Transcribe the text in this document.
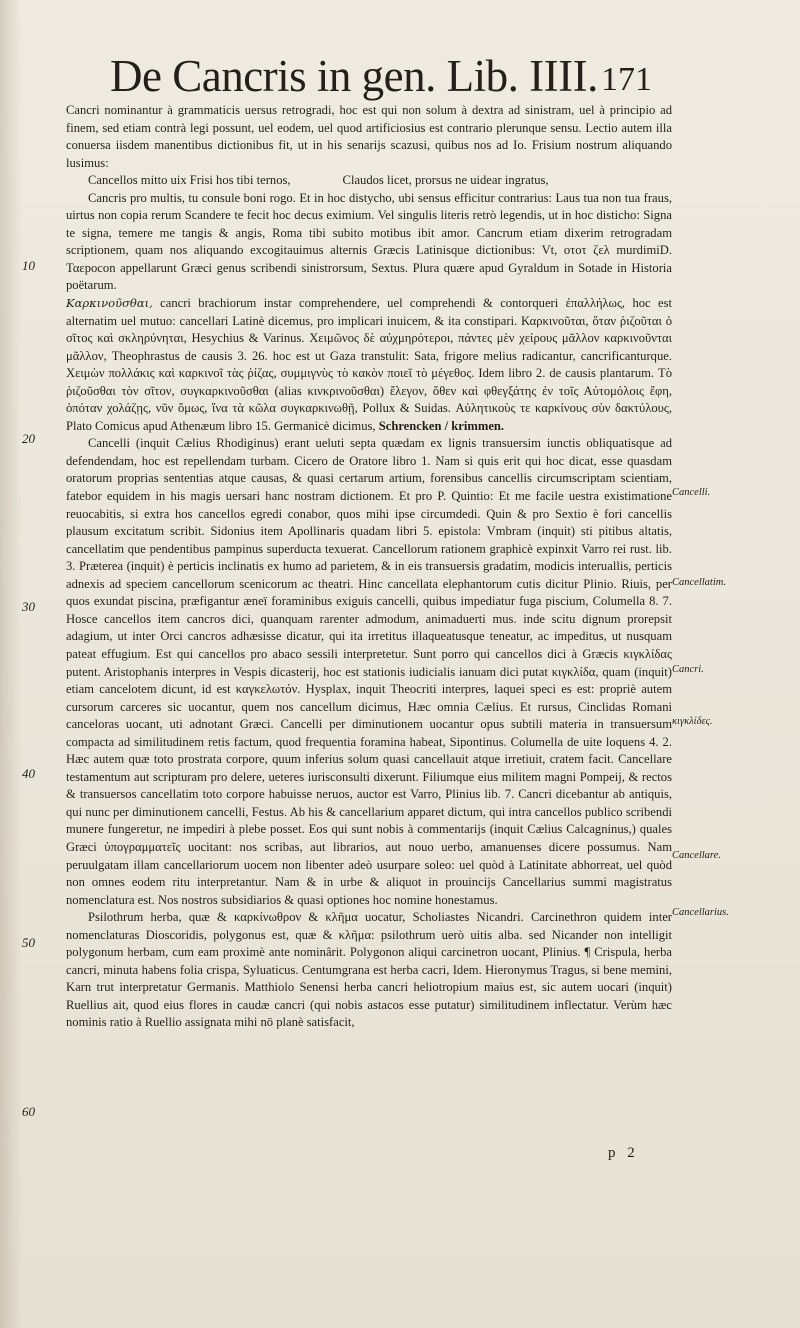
De Cancris in gen. Lib. IIII. 171

Cancri nominantur à grammaticis uersus retrogradi, hoc est qui non solum à dextra ad sinistram, uel à principio ad finem, sed etiam contrà legi possunt, uel eodem, uel quod artificiosius est contrario plerunque sensu. Lectio autem illa conuersa iisdem manentibus dictionibus fit, ut in his senarijs scazusi, quibus nos ad Io. Frisium nostrum aliquando lusimus:

Cancellos mitto uix Frisi hos tibi ternos,	Claudos licet, prorsus ne uidear ingratus,

Cancris pro multis, tu consule boni rogo. Et in hoc distycho, ubi sensus efficitur contrarius: Laus tua non tua fraus, uirtus non copia rerum Scandere te fecit hoc decus eximium. Vel singulis literis retrò legendis, ut in hoc disticho: Signa te signa, temere me tangis & angis, Roma tibi subito motibus ibit amor. Cancrum etiam dixerim retrogradam scriptionem, quam nos aliquando excogitauimus alternis Græcis Latinisque dictionibus: Vt, οτοτ ζελ murdimiD. Ταεpocon appellarunt Græci genus scribendi sinistrorsum, Sextus. Plura quære apud Gyraldum in Sotade in Historia poëtarum.

Καρκινοῦσθαι, cancri brachiorum instar comprehendere, uel comprehendi & contorqueri ἐπαλλήλως, hoc est alternatim uel mutuo: cancellari Latinè dicemus, pro implicari inuicem, & ita constipari. Καρκινοῦται, ὅταν ῥιζοῦται ὁ σῖτος καὶ σκληρύνηται, Hesychius & Varinus. Χειμῶνος δὲ αὐχμηρότεροι, πάντες μὲν χείρους μᾶλλον καρκινοῦνται μᾶλλον, Theophrastus de causis 3. 26. hoc est ut Gaza transtulit: Sata, frigore melius radicantur, cancrificanturque. Χειμὼν πολλάκις καὶ καρκινοῖ τὰς ῥίζας, συμμιγνὺς τὸ κακὸν ποιεῖ τὸ μέγεθος. Idem libro 2. de causis plantarum. Τὸ ῥιζοῦσθαι τὸν σῖτον, συγκαρκινοῦσθαι (alias κινκρινοῦσθαι) ἔλεγον, ὅθεν καὶ φθεγξάτης ἐν τοῖς Αὐτομόλοις ἔφη, ὁπόταν χολάζῃς, νῦν ὅμως, ἵνα τὰ κῶλα συγκαρκινωθῇ, Pollux & Suidas. Αὐλητικοὺς τε καρκίνους σὺν δακτύλους, Plato Comicus apud Athenæum libro 15. Germanicè dicimus, Schrencken / krimmen.

Cancelli (inquit Cælius Rhodiginus) erant ueluti septa quædam ex lignis transuersim iunctis obliquatisque ad defendendam, hoc est repellendam turbam. Cicero de Oratore libro 1. Nam si quis erit qui hoc dicat, esse quasdam oratorum proprias sententias atque causas, & quasi certarum artium, forensibus cancellis circumscriptam scientiam, fatebor equidem in his magis uersari hanc nostram dictionem. Et pro P. Quintio: Et me facile uestra existimatione reuocabitis, si extra hos cancellos egredi conabor, quos mihi ipse circumdedi. Quin & pro Sextio è fori cancellis plausum excitatum scribit. Sidonius item Apollinaris quadam libri 5. epistola: Vmbram (inquit) sti pitibus altatis, cancellatim que pendentibus pampinus superducta texuerat. Cancellorum rationem graphicè expinxit Varro rei rust. lib. 3. Præterea (inquit) è perticis inclinatis ex humo ad parietem, & in eis transuersis gradatim, modicis interuallis, perticis adnexis ad speciem cancellorum scenicorum ac theatri. Hinc cancellata elephantorum cutis dicitur Plinio. Riuis, per quos exundat piscina, præfigantur æneï foraminibus exiguis cancelli, quibus impediatur fuga piscium, Columella 8. 7. Hosce cancellos item cancros dici, quanquam rarenter admodum, animaduerti mus. inde scitu dignum prorepsit adagium, ut inter Orci cancros adhæsisse dicatur, qui ita irretitus illaqueatusque teneatur, ac impeditus, ut nusquam pateat effugium. Est qui cancellos pro abaco sessili interpretetur. Sunt porro qui cancellos dici à Græcis κιγκλίδας putent. Aristophanis interpres in Vespis dicasterij, hoc est stationis iudicialis ianuam dici putat κιγκλίδα, quam (inquit) etiam cancelotem dicunt, id est καγκελωτόν. Hysplax, inquit Theocriti interpres, laquei speci es est: propriè autem cursorum carceres sic uocantur, quem nos cancellum dicimus, Hæc omnia Cælius. Et rursus, Cinclidas Romani canceloras uocant, uti adnotant Græci. Cancelli per diminutionem uocantur opus subtili materia in transuersum compacta ad similitudinem retis factum, quod frequentia foramina habeat, Sipontinus. Columella de uite loquens 4. 2. Hæc autem quæ toto prostrata corpore, quum inferius solum quasi cancellauit atque irretiuit, cratem facit. Cancellare testamentum aut scripturam pro delere, ueteres iurisconsulti dixerunt. Filiumque eius militem magni Pompeij, & rectos & transuersos cancellatim toto corpore habuisse neruos, auctor est Varro, Plinius lib. 7. Cancri dicebantur ab antiquis, qui nunc per diminutionem cancelli, Festus. Ab his & cancellarium apparet dictum, qui intra cancellos publico scribendi munere fungeretur, ne impediri à plebe posset. Eos qui sunt nobis à commentarijs (inquit Cælius Calcagninus,) quales Græci ὑπογραμματεῖς uocitant: nos scribas, aut librarios, aut nouo uerbo, amanuenses dicere possumus. Nam peruulgatam illam cancellariorum uocem non libenter adeò usurpare soleo: uel quòd à Latinitate abhorreat, uel quòd non omnes eodem ritu interpretantur. Nam & in urbe & aliquot in prouincijs Cancellarius summi magistratus nomenclatura est. Nos nostros subsidiarios & quasi optiones hoc nomine honestamus.

Psilothrum herba, quæ & καρκίνωθρον & κλῆμα uocatur, Scholiastes Nicandri. Carcinethron quidem inter nomenclaturas Dioscoridis, polygonus est, quæ & κλῆμα: psilothrum uerò uitis alba. sed Nicander non intelligit polygonum herbam, cum eam proximè ante nominârit. Polygonon aliqui carcinetron uocant, Plinius. ¶ Crispula, herba cancri, minuta habens folia crispa, Syluaticus. Centumgrana est herba cacri, Idem. Hieronymus Tragus, si bene memini, Karn trut interpretatur Germanis. Matthiolo Senensi herba cancri heliotropium maius est, sic autem uocari (inquit) Ruellius ait, quod eius flores in caudæ cancri (qui nobis astacos esse putatur) similitudinem inflectatur. Verùm hæc nominis ratio à Ruellio assignata mihi nō planè satisfacit,

10
20
30
40
50
60
Cancelli.
Cancellatim.
Cancri.
κιγκλίδες.
Cancellare.
Cancellarius.
p 2
